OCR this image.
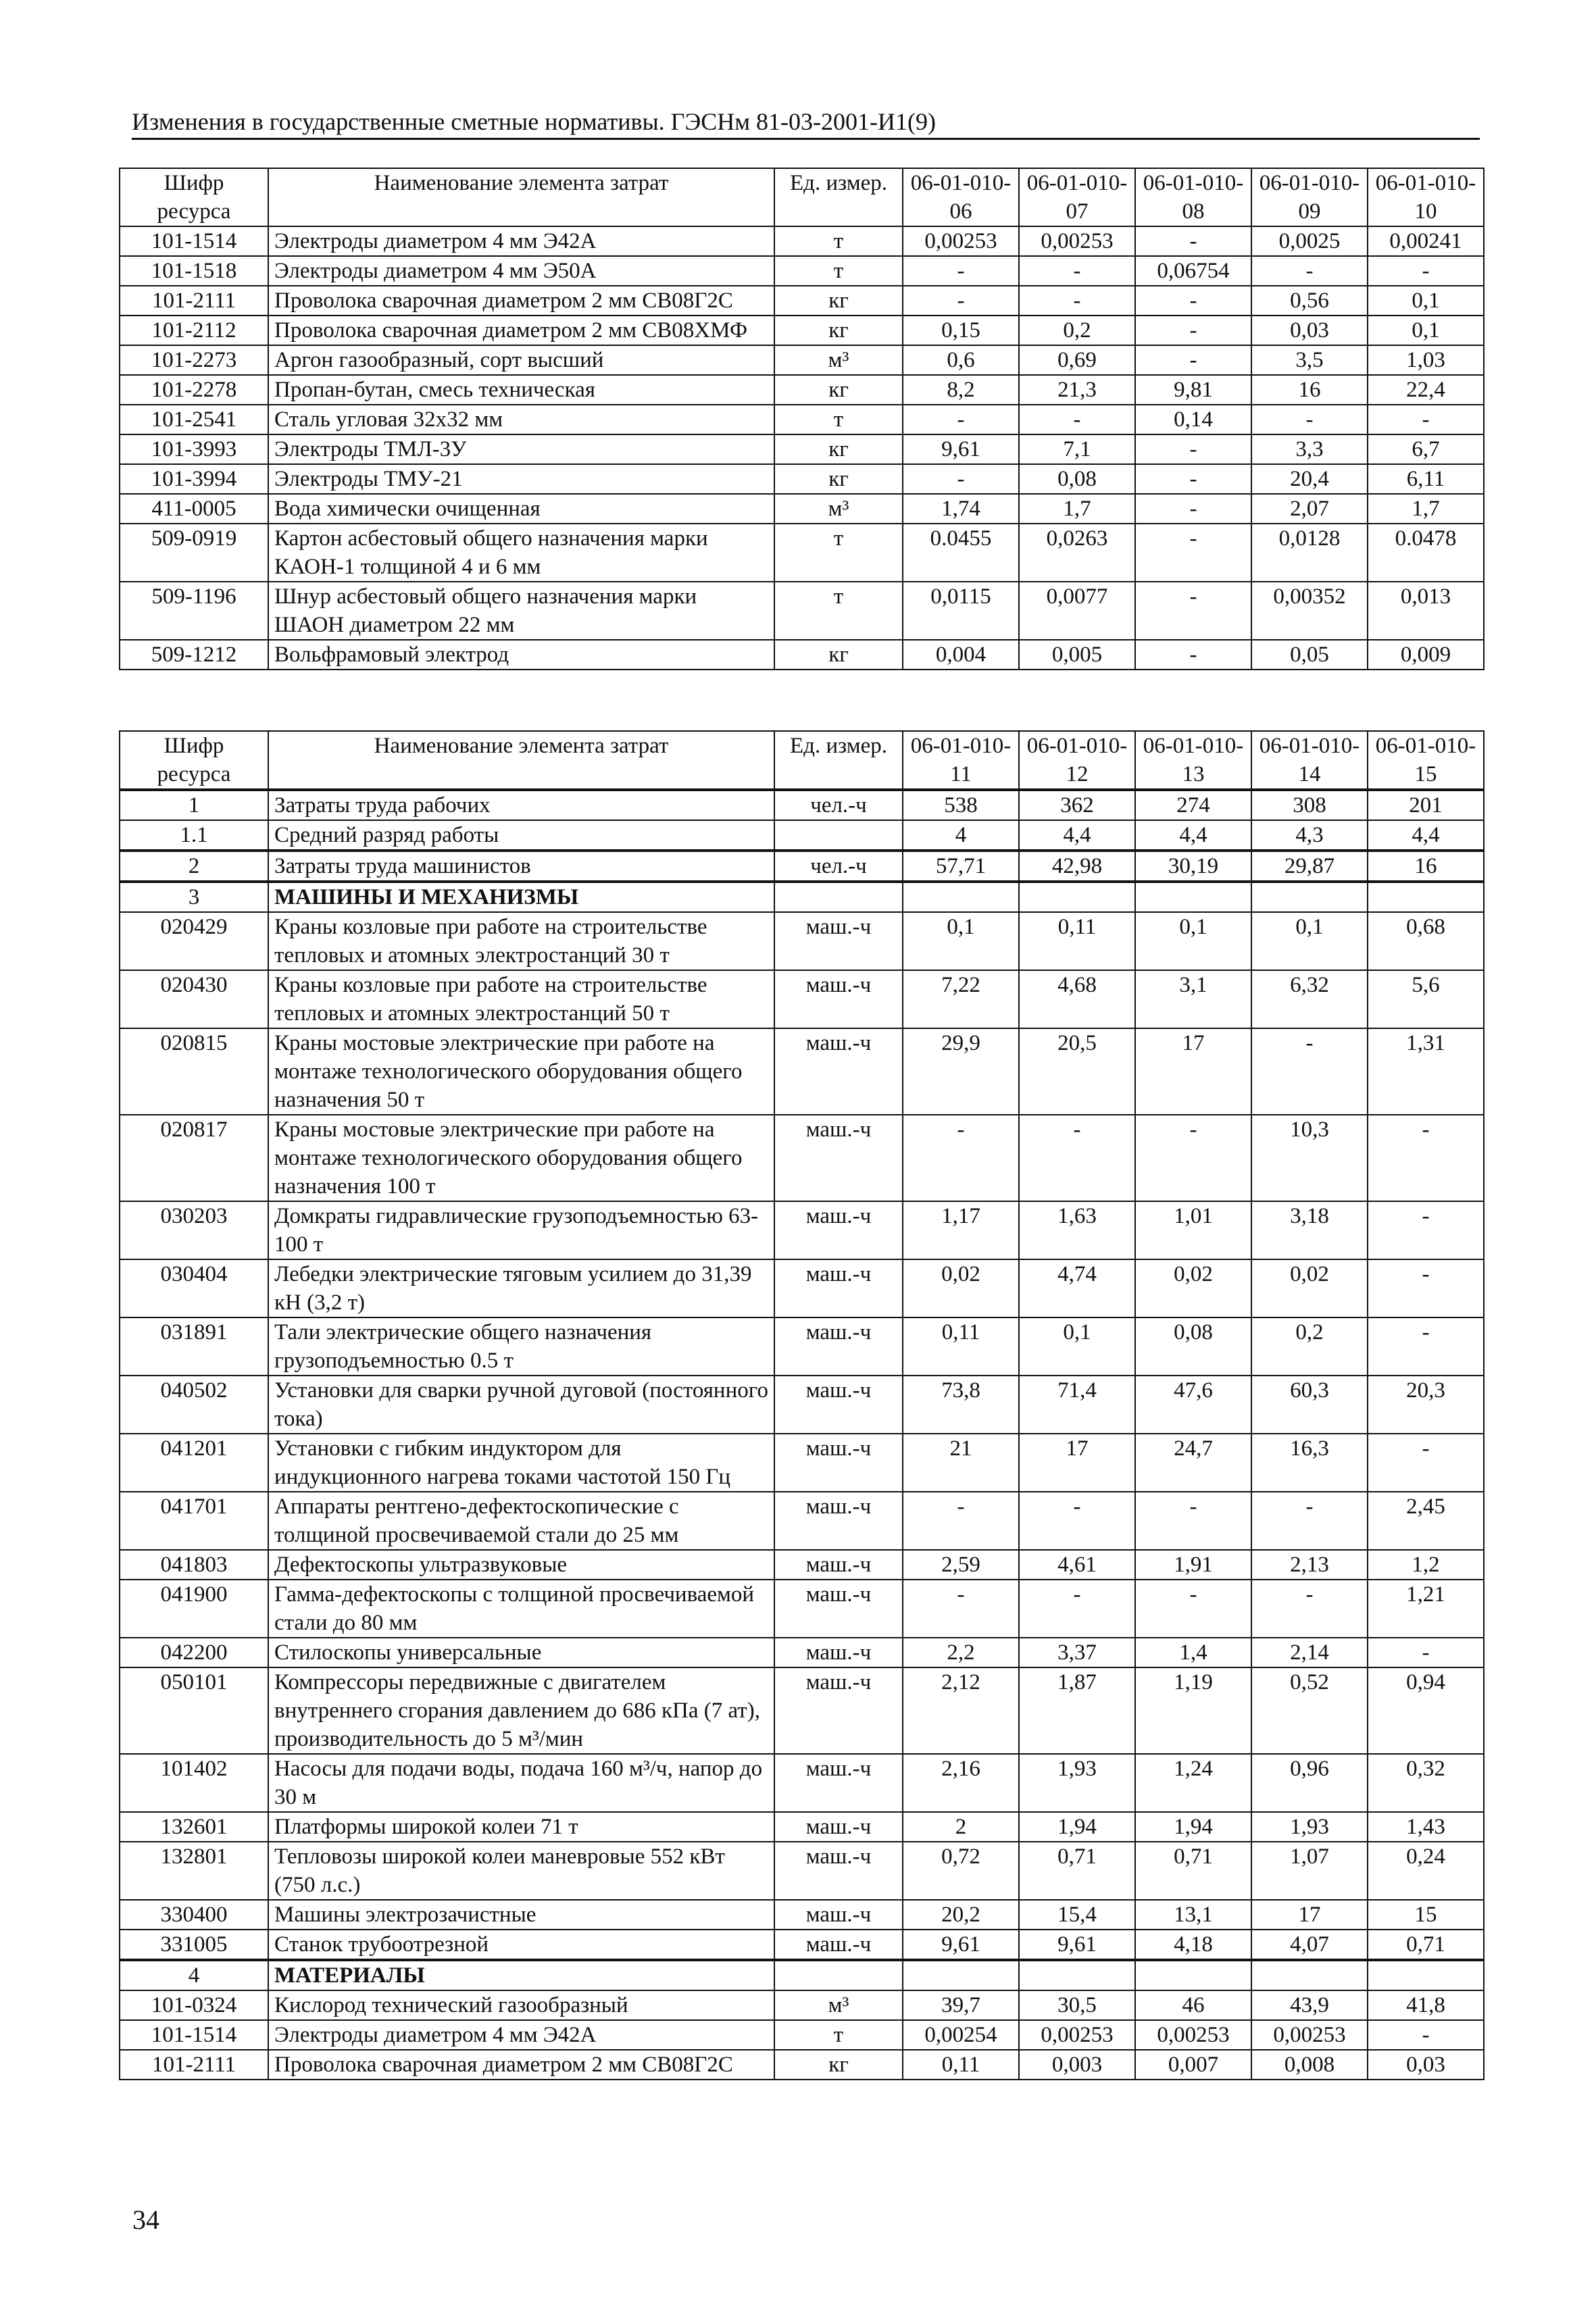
Изменения в государственные сметные нормативы. ГЭСНм 81-03-2001-И1(9)
Шифр ресурса	Наименование элемента затрат	Ед. измер.	06-01-010-06	06-01-010-07	06-01-010-08	06-01-010-09	06-01-010-10
101-1514	Электроды диаметром 4 мм Э42А	т	0,00253	0,00253	-	0,0025	0,00241
101-1518	Электроды диаметром 4 мм Э50А	т	-	-	0,06754	-	-
101-2111	Проволока сварочная диаметром 2 мм СВ08Г2С	кг	-	-	-	0,56	0,1
101-2112	Проволока сварочная диаметром 2 мм СВ08ХМФ	кг	0,15	0,2	-	0,03	0,1
101-2273	Аргон газообразный, сорт высший	м³	0,6	0,69	-	3,5	1,03
101-2278	Пропан-бутан, смесь техническая	кг	8,2	21,3	9,81	16	22,4
101-2541	Сталь угловая 32х32 мм	т	-	-	0,14	-	-
101-3993	Электроды ТМЛ-3У	кг	9,61	7,1	-	3,3	6,7
101-3994	Электроды ТМУ-21	кг	-	0,08	-	20,4	6,11
411-0005	Вода химически очищенная	м³	1,74	1,7	-	2,07	1,7
509-0919	Картон асбестовый общего назначения марки КАОН-1 толщиной 4 и 6 мм	т	0.0455	0,0263	-	0,0128	0.0478
509-1196	Шнур асбестовый общего назначения марки ШАОН диаметром 22 мм	т	0,0115	0,0077	-	0,00352	0,013
509-1212	Вольфрамовый электрод	кг	0,004	0,005	-	0,05	0,009
Шифр ресурса	Наименование элемента затрат	Ед. измер.	06-01-010-11	06-01-010-12	06-01-010-13	06-01-010-14	06-01-010-15
1	Затраты труда рабочих	чел.-ч	538	362	274	308	201
1.1	Средний разряд работы		4	4,4	4,4	4,3	4,4
2	Затраты труда машинистов	чел.-ч	57,71	42,98	30,19	29,87	16
3	МАШИНЫ И МЕХАНИЗМЫ						
020429	Краны козловые при работе на строительстве тепловых и атомных электростанций 30 т	маш.-ч	0,1	0,11	0,1	0,1	0,68
020430	Краны козловые при работе на строительстве тепловых и атомных электростанций 50 т	маш.-ч	7,22	4,68	3,1	6,32	5,6
020815	Краны мостовые электрические при работе на монтаже технологического оборудования общего назначения 50 т	маш.-ч	29,9	20,5	17	-	1,31
020817	Краны мостовые электрические при работе на монтаже технологического оборудования общего назначения 100 т	маш.-ч	-	-	-	10,3	-
030203	Домкраты гидравлические грузоподъемностью 63-100 т	маш.-ч	1,17	1,63	1,01	3,18	-
030404	Лебедки электрические тяговым усилием до 31,39 кН (3,2 т)	маш.-ч	0,02	4,74	0,02	0,02	-
031891	Тали электрические общего назначения грузоподъемностью 0.5 т	маш.-ч	0,11	0,1	0,08	0,2	-
040502	Установки для сварки ручной дуговой (постоянного тока)	маш.-ч	73,8	71,4	47,6	60,3	20,3
041201	Установки с гибким индуктором для индукционного нагрева токами частотой 150 Гц	маш.-ч	21	17	24,7	16,3	-
041701	Аппараты рентгено-дефектоскопические с толщиной просвечиваемой стали до 25 мм	маш.-ч	-	-	-	-	2,45
041803	Дефектоскопы ультразвуковые	маш.-ч	2,59	4,61	1,91	2,13	1,2
041900	Гамма-дефектоскопы с толщиной просвечиваемой стали до 80 мм	маш.-ч	-	-	-	-	1,21
042200	Стилоскопы универсальные	маш.-ч	2,2	3,37	1,4	2,14	-
050101	Компрессоры передвижные с двигателем внутреннего сгорания давлением до 686 кПа (7 ат), производительность до 5 м³/мин	маш.-ч	2,12	1,87	1,19	0,52	0,94
101402	Насосы для подачи воды, подача 160 м³/ч, напор до 30 м	маш.-ч	2,16	1,93	1,24	0,96	0,32
132601	Платформы широкой колеи 71 т	маш.-ч	2	1,94	1,94	1,93	1,43
132801	Тепловозы широкой колеи маневровые 552 кВт (750 л.с.)	маш.-ч	0,72	0,71	0,71	1,07	0,24
330400	Машины электрозачистные	маш.-ч	20,2	15,4	13,1	17	15
331005	Станок трубоотрезной	маш.-ч	9,61	9,61	4,18	4,07	0,71
4	МАТЕРИАЛЫ						
101-0324	Кислород технический газообразный	м³	39,7	30,5	46	43,9	41,8
101-1514	Электроды диаметром 4 мм Э42А	т	0,00254	0,00253	0,00253	0,00253	-
101-2111	Проволока сварочная диаметром 2 мм СВ08Г2С	кг	0,11	0,003	0,007	0,008	0,03
34
